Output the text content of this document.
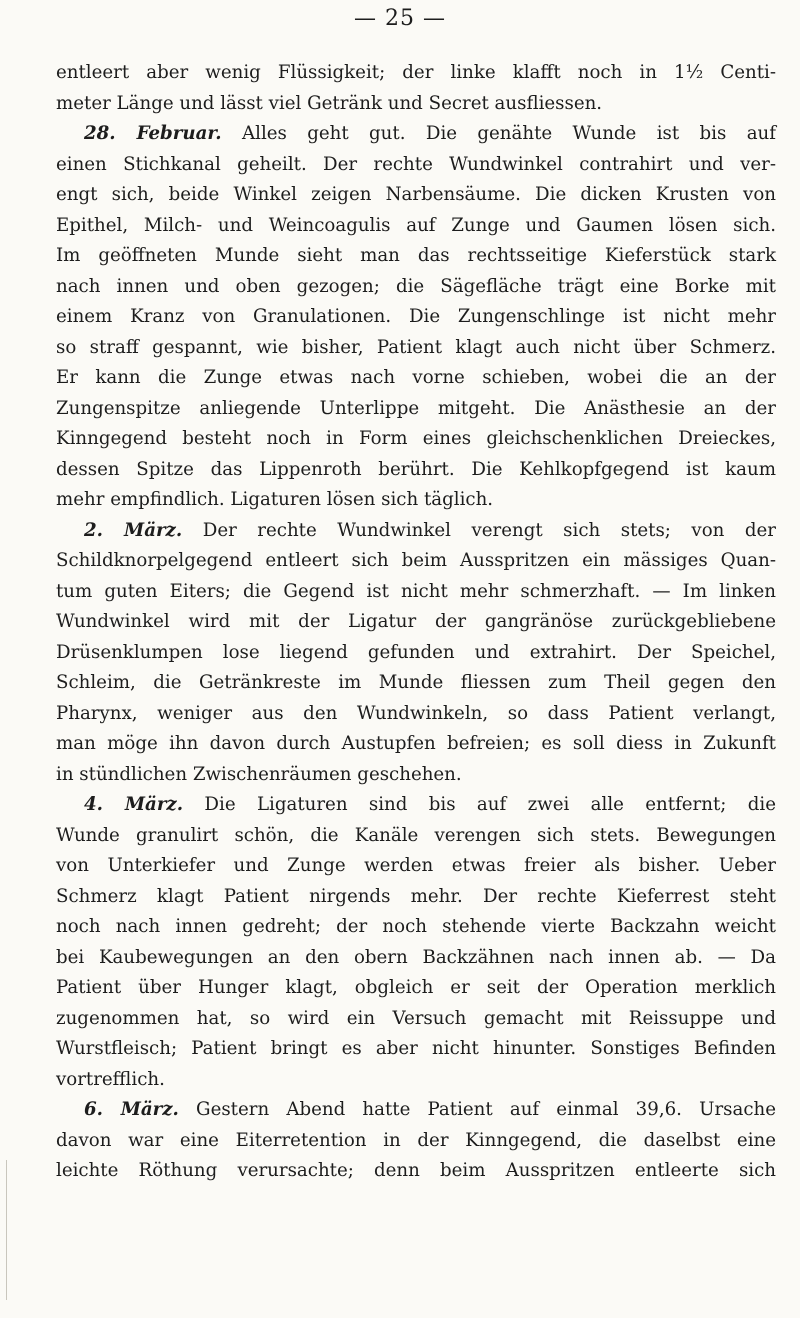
— 25 —
entleert aber wenig Flüssigkeit; der linke klafft noch in 1½ Centi-
meter Länge und lässt viel Getränk und Secret ausfliessen.
28. Februar. Alles geht gut. Die genähte Wunde ist bis auf
einen Stichkanal geheilt. Der rechte Wundwinkel contrahirt und ver-
engt sich, beide Winkel zeigen Narbensäume. Die dicken Krusten von
Epithel, Milch- und Weincoagulis auf Zunge und Gaumen lösen sich.
Im geöffneten Munde sieht man das rechtsseitige Kieferstück stark
nach innen und oben gezogen; die Sägefläche trägt eine Borke mit
einem Kranz von Granulationen. Die Zungenschlinge ist nicht mehr
so straff gespannt, wie bisher, Patient klagt auch nicht über Schmerz.
Er kann die Zunge etwas nach vorne schieben, wobei die an der
Zungenspitze anliegende Unterlippe mitgeht. Die Anästhesie an der
Kinngegend besteht noch in Form eines gleichschenklichen Dreieckes,
dessen Spitze das Lippenroth berührt. Die Kehlkopfgegend ist kaum
mehr empfindlich. Ligaturen lösen sich täglich.
2. März. Der rechte Wundwinkel verengt sich stets; von der
Schildknorpelgegend entleert sich beim Ausspritzen ein mässiges Quan-
tum guten Eiters; die Gegend ist nicht mehr schmerzhaft. — Im linken
Wundwinkel wird mit der Ligatur der gangränöse zurückgebliebene
Drüsenklumpen lose liegend gefunden und extrahirt. Der Speichel,
Schleim, die Getränkreste im Munde fliessen zum Theil gegen den
Pharynx, weniger aus den Wundwinkeln, so dass Patient verlangt,
man möge ihn davon durch Austupfen befreien; es soll diess in Zukunft
in stündlichen Zwischenräumen geschehen.
4. März. Die Ligaturen sind bis auf zwei alle entfernt; die
Wunde granulirt schön, die Kanäle verengen sich stets. Bewegungen
von Unterkiefer und Zunge werden etwas freier als bisher. Ueber
Schmerz klagt Patient nirgends mehr. Der rechte Kieferrest steht
noch nach innen gedreht; der noch stehende vierte Backzahn weicht
bei Kaubewegungen an den obern Backzähnen nach innen ab. — Da
Patient über Hunger klagt, obgleich er seit der Operation merklich
zugenommen hat, so wird ein Versuch gemacht mit Reissuppe und
Wurstfleisch; Patient bringt es aber nicht hinunter. Sonstiges Befinden
vortrefflich.
6. März. Gestern Abend hatte Patient auf einmal 39,6. Ursache
davon war eine Eiterretention in der Kinngegend, die daselbst eine
leichte Röthung verursachte; denn beim Ausspritzen entleerte sich
